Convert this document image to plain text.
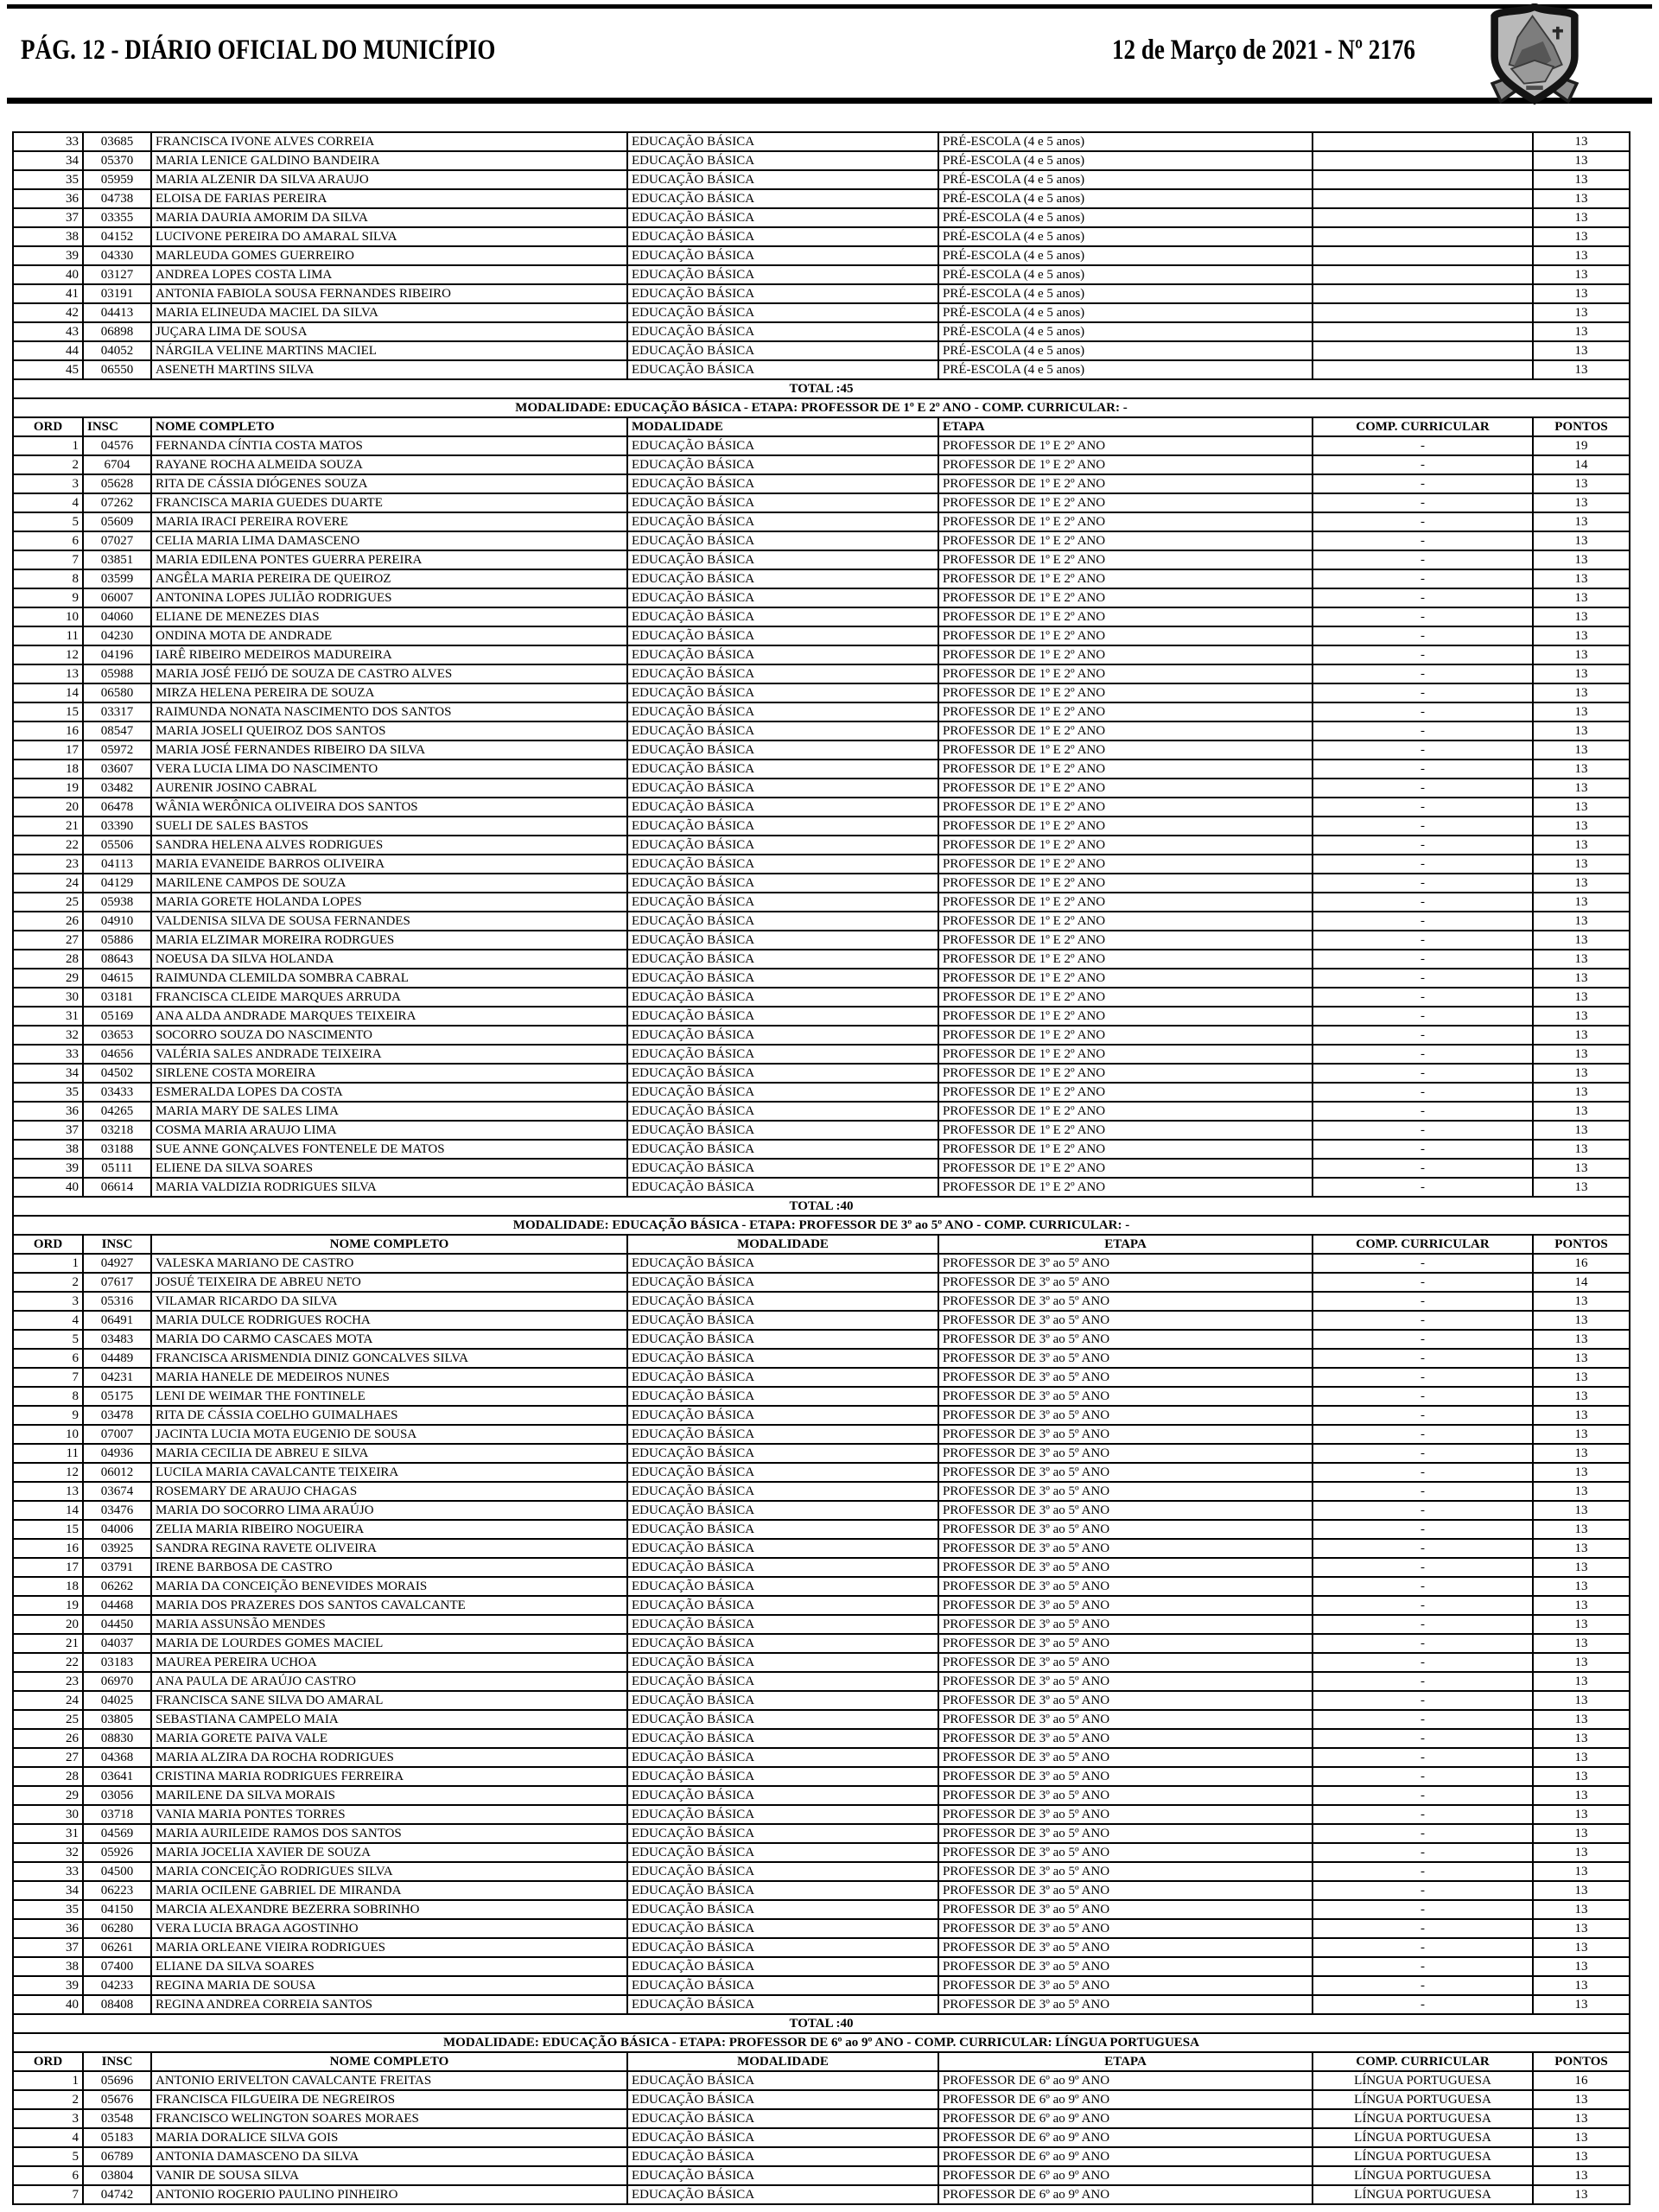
PÁG. 12 - DIÁRIO OFICIAL DO MUNICÍPIO	12 de Março de 2021 - Nº 2176
33	03685	FRANCISCA IVONE ALVES CORREIA	EDUCAÇÃO BÁSICA	PRÉ-ESCOLA (4 e 5 anos)		13
34	05370	MARIA LENICE GALDINO BANDEIRA	EDUCAÇÃO BÁSICA	PRÉ-ESCOLA (4 e 5 anos)		13
35	05959	MARIA ALZENIR DA SILVA ARAUJO	EDUCAÇÃO BÁSICA	PRÉ-ESCOLA (4 e 5 anos)		13
36	04738	ELOISA DE FARIAS PEREIRA	EDUCAÇÃO BÁSICA	PRÉ-ESCOLA (4 e 5 anos)		13
37	03355	MARIA DAURIA AMORIM DA SILVA	EDUCAÇÃO BÁSICA	PRÉ-ESCOLA (4 e 5 anos)		13
38	04152	LUCIVONE PEREIRA DO AMARAL SILVA	EDUCAÇÃO BÁSICA	PRÉ-ESCOLA (4 e 5 anos)		13
39	04330	MARLEUDA GOMES GUERREIRO	EDUCAÇÃO BÁSICA	PRÉ-ESCOLA (4 e 5 anos)		13
40	03127	ANDREA LOPES COSTA LIMA	EDUCAÇÃO BÁSICA	PRÉ-ESCOLA (4 e 5 anos)		13
41	03191	ANTONIA FABIOLA SOUSA FERNANDES RIBEIRO	EDUCAÇÃO BÁSICA	PRÉ-ESCOLA (4 e 5 anos)		13
42	04413	MARIA ELINEUDA MACIEL DA SILVA	EDUCAÇÃO BÁSICA	PRÉ-ESCOLA (4 e 5 anos)		13
43	06898	JUÇARA LIMA DE SOUSA	EDUCAÇÃO BÁSICA	PRÉ-ESCOLA (4 e 5 anos)		13
44	04052	NÁRGILA VELINE MARTINS MACIEL	EDUCAÇÃO BÁSICA	PRÉ-ESCOLA (4 e 5 anos)		13
45	06550	ASENETH MARTINS SILVA	EDUCAÇÃO BÁSICA	PRÉ-ESCOLA (4 e 5 anos)		13
TOTAL :45						
MODALIDADE: EDUCAÇÃO BÁSICA - ETAPA: PROFESSOR DE 1º E 2º ANO - COMP. CURRICULAR: -						
ORD	INSC	NOME COMPLETO	MODALIDADE	ETAPA	COMP. CURRICULAR	PONTOS
1	04576	FERNANDA CÍNTIA COSTA MATOS	EDUCAÇÃO BÁSICA	PROFESSOR DE 1º E 2º ANO	-	19
2	6704	RAYANE ROCHA ALMEIDA SOUZA	EDUCAÇÃO BÁSICA	PROFESSOR DE 1º E 2º ANO	-	14
3	05628	RITA DE CÁSSIA DIÓGENES SOUZA	EDUCAÇÃO BÁSICA	PROFESSOR DE 1º E 2º ANO	-	13
4	07262	FRANCISCA MARIA GUEDES DUARTE	EDUCAÇÃO BÁSICA	PROFESSOR DE 1º E 2º ANO	-	13
5	05609	MARIA IRACI PEREIRA ROVERE	EDUCAÇÃO BÁSICA	PROFESSOR DE 1º E 2º ANO	-	13
6	07027	CELIA MARIA LIMA DAMASCENO	EDUCAÇÃO BÁSICA	PROFESSOR DE 1º E 2º ANO	-	13
7	03851	MARIA EDILENA PONTES GUERRA PEREIRA	EDUCAÇÃO BÁSICA	PROFESSOR DE 1º E 2º ANO	-	13
8	03599	ANGÊLA MARIA PEREIRA DE QUEIROZ	EDUCAÇÃO BÁSICA	PROFESSOR DE 1º E 2º ANO	-	13
9	06007	ANTONINA LOPES JULIÃO RODRIGUES	EDUCAÇÃO BÁSICA	PROFESSOR DE 1º E 2º ANO	-	13
10	04060	ELIANE DE MENEZES DIAS	EDUCAÇÃO BÁSICA	PROFESSOR DE 1º E 2º ANO	-	13
11	04230	ONDINA MOTA DE ANDRADE	EDUCAÇÃO BÁSICA	PROFESSOR DE 1º E 2º ANO	-	13
12	04196	IARÊ RIBEIRO MEDEIROS MADUREIRA	EDUCAÇÃO BÁSICA	PROFESSOR DE 1º E 2º ANO	-	13
13	05988	MARIA JOSÉ FEIJÓ DE SOUZA DE CASTRO ALVES	EDUCAÇÃO BÁSICA	PROFESSOR DE 1º E 2º ANO	-	13
14	06580	MIRZA HELENA PEREIRA DE SOUZA	EDUCAÇÃO BÁSICA	PROFESSOR DE 1º E 2º ANO	-	13
15	03317	RAIMUNDA NONATA NASCIMENTO DOS SANTOS	EDUCAÇÃO BÁSICA	PROFESSOR DE 1º E 2º ANO	-	13
16	08547	MARIA JOSELI QUEIROZ DOS SANTOS	EDUCAÇÃO BÁSICA	PROFESSOR DE 1º E 2º ANO	-	13
17	05972	MARIA JOSÉ FERNANDES RIBEIRO DA SILVA	EDUCAÇÃO BÁSICA	PROFESSOR DE 1º E 2º ANO	-	13
18	03607	VERA LUCIA LIMA DO NASCIMENTO	EDUCAÇÃO BÁSICA	PROFESSOR DE 1º E 2º ANO	-	13
19	03482	AURENIR JOSINO CABRAL	EDUCAÇÃO BÁSICA	PROFESSOR DE 1º E 2º ANO	-	13
20	06478	WÂNIA WERÔNICA OLIVEIRA DOS SANTOS	EDUCAÇÃO BÁSICA	PROFESSOR DE 1º E 2º ANO	-	13
21	03390	SUELI DE SALES BASTOS	EDUCAÇÃO BÁSICA	PROFESSOR DE 1º E 2º ANO	-	13
22	05506	SANDRA HELENA ALVES RODRIGUES	EDUCAÇÃO BÁSICA	PROFESSOR DE 1º E 2º ANO	-	13
23	04113	MARIA EVANEIDE BARROS OLIVEIRA	EDUCAÇÃO BÁSICA	PROFESSOR DE 1º E 2º ANO	-	13
24	04129	MARILENE CAMPOS DE SOUZA	EDUCAÇÃO BÁSICA	PROFESSOR DE 1º E 2º ANO	-	13
25	05938	MARIA GORETE HOLANDA LOPES	EDUCAÇÃO BÁSICA	PROFESSOR DE 1º E 2º ANO	-	13
26	04910	VALDENISA SILVA DE SOUSA FERNANDES	EDUCAÇÃO BÁSICA	PROFESSOR DE 1º E 2º ANO	-	13
27	05886	MARIA ELZIMAR MOREIRA RODRGUES	EDUCAÇÃO BÁSICA	PROFESSOR DE 1º E 2º ANO	-	13
28	08643	NOEUSA DA SILVA HOLANDA	EDUCAÇÃO BÁSICA	PROFESSOR DE 1º E 2º ANO	-	13
29	04615	RAIMUNDA CLEMILDA SOMBRA CABRAL	EDUCAÇÃO BÁSICA	PROFESSOR DE 1º E 2º ANO	-	13
30	03181	FRANCISCA CLEIDE MARQUES ARRUDA	EDUCAÇÃO BÁSICA	PROFESSOR DE 1º E 2º ANO	-	13
31	05169	ANA ALDA ANDRADE MARQUES TEIXEIRA	EDUCAÇÃO BÁSICA	PROFESSOR DE 1º E 2º ANO	-	13
32	03653	SOCORRO SOUZA DO NASCIMENTO	EDUCAÇÃO BÁSICA	PROFESSOR DE 1º E 2º ANO	-	13
33	04656	VALÉRIA SALES ANDRADE TEIXEIRA	EDUCAÇÃO BÁSICA	PROFESSOR DE 1º E 2º ANO	-	13
34	04502	SIRLENE COSTA MOREIRA	EDUCAÇÃO BÁSICA	PROFESSOR DE 1º E 2º ANO	-	13
35	03433	ESMERALDA LOPES DA COSTA	EDUCAÇÃO BÁSICA	PROFESSOR DE 1º E 2º ANO	-	13
36	04265	MARIA MARY DE SALES LIMA	EDUCAÇÃO BÁSICA	PROFESSOR DE 1º E 2º ANO	-	13
37	03218	COSMA MARIA ARAUJO LIMA	EDUCAÇÃO BÁSICA	PROFESSOR DE 1º E 2º ANO	-	13
38	03188	SUE ANNE GONÇALVES FONTENELE DE MATOS	EDUCAÇÃO BÁSICA	PROFESSOR DE 1º E 2º ANO	-	13
39	05111	ELIENE DA SILVA SOARES	EDUCAÇÃO BÁSICA	PROFESSOR DE 1º E 2º ANO	-	13
40	06614	MARIA VALDIZIA RODRIGUES SILVA	EDUCAÇÃO BÁSICA	PROFESSOR DE 1º E 2º ANO	-	13
TOTAL :40						
MODALIDADE: EDUCAÇÃO BÁSICA - ETAPA: PROFESSOR DE 3º ao 5º ANO - COMP. CURRICULAR: -						
ORD	INSC	NOME COMPLETO	MODALIDADE	ETAPA	COMP. CURRICULAR	PONTOS
1	04927	VALESKA MARIANO DE CASTRO	EDUCAÇÃO BÁSICA	PROFESSOR DE 3º ao 5º ANO	-	16
2	07617	JOSUÉ TEIXEIRA DE ABREU NETO	EDUCAÇÃO BÁSICA	PROFESSOR DE 3º ao 5º ANO	-	14
3	05316	VILAMAR RICARDO DA SILVA	EDUCAÇÃO BÁSICA	PROFESSOR DE 3º ao 5º ANO	-	13
4	06491	MARIA DULCE RODRIGUES ROCHA	EDUCAÇÃO BÁSICA	PROFESSOR DE 3º ao 5º ANO	-	13
5	03483	MARIA DO CARMO CASCAES MOTA	EDUCAÇÃO BÁSICA	PROFESSOR DE 3º ao 5º ANO	-	13
6	04489	FRANCISCA ARISMENDIA DINIZ GONCALVES SILVA	EDUCAÇÃO BÁSICA	PROFESSOR DE 3º ao 5º ANO	-	13
7	04231	MARIA HANELE DE MEDEIROS NUNES	EDUCAÇÃO BÁSICA	PROFESSOR DE 3º ao 5º ANO	-	13
8	05175	LENI DE WEIMAR THE FONTINELE	EDUCAÇÃO BÁSICA	PROFESSOR DE 3º ao 5º ANO	-	13
9	03478	RITA DE CÁSSIA COELHO GUIMALHAES	EDUCAÇÃO BÁSICA	PROFESSOR DE 3º ao 5º ANO	-	13
10	07007	JACINTA LUCIA MOTA EUGENIO DE SOUSA	EDUCAÇÃO BÁSICA	PROFESSOR DE 3º ao 5º ANO	-	13
11	04936	MARIA CECILIA DE ABREU E SILVA	EDUCAÇÃO BÁSICA	PROFESSOR DE 3º ao 5º ANO	-	13
12	06012	LUCILA MARIA CAVALCANTE TEIXEIRA	EDUCAÇÃO BÁSICA	PROFESSOR DE 3º ao 5º ANO	-	13
13	03674	ROSEMARY DE ARAUJO CHAGAS	EDUCAÇÃO BÁSICA	PROFESSOR DE 3º ao 5º ANO	-	13
14	03476	MARIA DO SOCORRO LIMA ARAÚJO	EDUCAÇÃO BÁSICA	PROFESSOR DE 3º ao 5º ANO	-	13
15	04006	ZELIA MARIA RIBEIRO NOGUEIRA	EDUCAÇÃO BÁSICA	PROFESSOR DE 3º ao 5º ANO	-	13
16	03925	SANDRA REGINA RAVETE OLIVEIRA	EDUCAÇÃO BÁSICA	PROFESSOR DE 3º ao 5º ANO	-	13
17	03791	IRENE BARBOSA DE CASTRO	EDUCAÇÃO BÁSICA	PROFESSOR DE 3º ao 5º ANO	-	13
18	06262	MARIA DA CONCEIÇÃO BENEVIDES MORAIS	EDUCAÇÃO BÁSICA	PROFESSOR DE 3º ao 5º ANO	-	13
19	04468	MARIA DOS PRAZERES DOS SANTOS CAVALCANTE	EDUCAÇÃO BÁSICA	PROFESSOR DE 3º ao 5º ANO	-	13
20	04450	MARIA ASSUNSÃO MENDES	EDUCAÇÃO BÁSICA	PROFESSOR DE 3º ao 5º ANO	-	13
21	04037	MARIA DE LOURDES GOMES MACIEL	EDUCAÇÃO BÁSICA	PROFESSOR DE 3º ao 5º ANO	-	13
22	03183	MAUREA PEREIRA UCHOA	EDUCAÇÃO BÁSICA	PROFESSOR DE 3º ao 5º ANO	-	13
23	06970	ANA PAULA DE ARAÚJO CASTRO	EDUCAÇÃO BÁSICA	PROFESSOR DE 3º ao 5º ANO	-	13
24	04025	FRANCISCA SANE SILVA DO AMARAL	EDUCAÇÃO BÁSICA	PROFESSOR DE 3º ao 5º ANO	-	13
25	03805	SEBASTIANA CAMPELO MAIA	EDUCAÇÃO BÁSICA	PROFESSOR DE 3º ao 5º ANO	-	13
26	08830	MARIA GORETE PAIVA VALE	EDUCAÇÃO BÁSICA	PROFESSOR DE 3º ao 5º ANO	-	13
27	04368	MARIA ALZIRA DA ROCHA RODRIGUES	EDUCAÇÃO BÁSICA	PROFESSOR DE 3º ao 5º ANO	-	13
28	03641	CRISTINA MARIA RODRIGUES FERREIRA	EDUCAÇÃO BÁSICA	PROFESSOR DE 3º ao 5º ANO	-	13
29	03056	MARILENE DA SILVA MORAIS	EDUCAÇÃO BÁSICA	PROFESSOR DE 3º ao 5º ANO	-	13
30	03718	VANIA MARIA PONTES TORRES	EDUCAÇÃO BÁSICA	PROFESSOR DE 3º ao 5º ANO	-	13
31	04569	MARIA AURILEIDE RAMOS DOS SANTOS	EDUCAÇÃO BÁSICA	PROFESSOR DE 3º ao 5º ANO	-	13
32	05926	MARIA JOCELIA XAVIER DE SOUZA	EDUCAÇÃO BÁSICA	PROFESSOR DE 3º ao 5º ANO	-	13
33	04500	MARIA CONCEIÇÃO RODRIGUES SILVA	EDUCAÇÃO BÁSICA	PROFESSOR DE 3º ao 5º ANO	-	13
34	06223	MARIA OCILENE GABRIEL DE MIRANDA	EDUCAÇÃO BÁSICA	PROFESSOR DE 3º ao 5º ANO	-	13
35	04150	MARCIA ALEXANDRE BEZERRA SOBRINHO	EDUCAÇÃO BÁSICA	PROFESSOR DE 3º ao 5º ANO	-	13
36	06280	VERA LUCIA BRAGA AGOSTINHO	EDUCAÇÃO BÁSICA	PROFESSOR DE 3º ao 5º ANO	-	13
37	06261	MARIA ORLEANE VIEIRA RODRIGUES	EDUCAÇÃO BÁSICA	PROFESSOR DE 3º ao 5º ANO	-	13
38	07400	ELIANE DA SILVA SOARES	EDUCAÇÃO BÁSICA	PROFESSOR DE 3º ao 5º ANO	-	13
39	04233	REGINA MARIA DE SOUSA	EDUCAÇÃO BÁSICA	PROFESSOR DE 3º ao 5º ANO	-	13
40	08408	REGINA ANDREA CORREIA SANTOS	EDUCAÇÃO BÁSICA	PROFESSOR DE 3º ao 5º ANO	-	13
TOTAL :40						
MODALIDADE: EDUCAÇÃO BÁSICA - ETAPA: PROFESSOR DE 6º ao 9º ANO - COMP. CURRICULAR: LÍNGUA PORTUGUESA						
ORD	INSC	NOME COMPLETO	MODALIDADE	ETAPA	COMP. CURRICULAR	PONTOS
1	05696	ANTONIO ERIVELTON CAVALCANTE FREITAS	EDUCAÇÃO BÁSICA	PROFESSOR DE 6º ao 9º ANO	LÍNGUA PORTUGUESA	16
2	05676	FRANCISCA FILGUEIRA DE NEGREIROS	EDUCAÇÃO BÁSICA	PROFESSOR DE 6º ao 9º ANO	LÍNGUA PORTUGUESA	13
3	03548	FRANCISCO WELINGTON SOARES MORAES	EDUCAÇÃO BÁSICA	PROFESSOR DE 6º ao 9º ANO	LÍNGUA PORTUGUESA	13
4	05183	MARIA DORALICE SILVA GOIS	EDUCAÇÃO BÁSICA	PROFESSOR DE 6º ao 9º ANO	LÍNGUA PORTUGUESA	13
5	06789	ANTONIA DAMASCENO DA SILVA	EDUCAÇÃO BÁSICA	PROFESSOR DE 6º ao 9º ANO	LÍNGUA PORTUGUESA	13
6	03804	VANIR DE SOUSA SILVA	EDUCAÇÃO BÁSICA	PROFESSOR DE 6º ao 9º ANO	LÍNGUA PORTUGUESA	13
7	04742	ANTONIO ROGERIO PAULINO PINHEIRO	EDUCAÇÃO BÁSICA	PROFESSOR DE 6º ao 9º ANO	LÍNGUA PORTUGUESA	13
